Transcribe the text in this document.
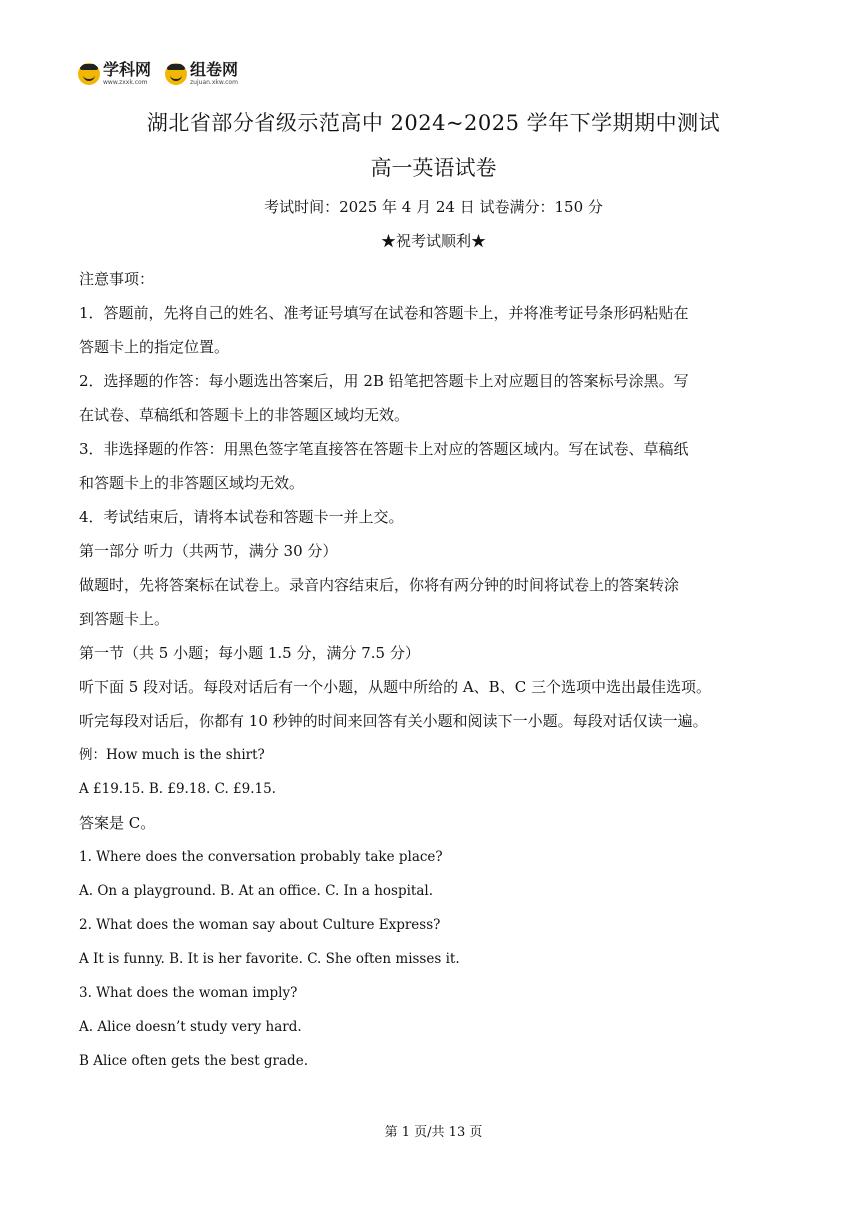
学科网
www.zxxk.com
组卷网
zujuan.xkw.com
湖北省部分省级示范高中 2024~2025 学年下学期期中测试
高一英语试卷
考试时间：2025 年 4 月 24 日 试卷满分：150 分
★祝考试顺利★

注意事项：

1．答题前，先将自己的姓名、准考证号填写在试卷和答题卡上，并将准考证号条形码粘贴在

答题卡上的指定位置。

2．选择题的作答：每小题选出答案后，用 2B 铅笔把答题卡上对应题目的答案标号涂黑。写

在试卷、草稿纸和答题卡上的非答题区域均无效。

3．非选择题的作答：用黑色签字笔直接答在答题卡上对应的答题区域内。写在试卷、草稿纸

和答题卡上的非答题区域均无效。

4．考试结束后，请将本试卷和答题卡一并上交。

第一部分 听力（共两节，满分 30 分）

做题时，先将答案标在试卷上。录音内容结束后，你将有两分钟的时间将试卷上的答案转涂

到答题卡上。

第一节（共 5 小题；每小题 1.5 分，满分 7.5 分）

听下面 5 段对话。每段对话后有一个小题，从题中所给的 A、B、C 三个选项中选出最佳选项。

听完每段对话后，你都有 10 秒钟的时间来回答有关小题和阅读下一小题。每段对话仅读一遍。

例：How much is the shirt?

A £19.15. B. £9.18. C. £9.15.

答案是 C。

1. Where does the conversation probably take place?

A. On a playground. B. At an office. C. In a hospital.

2. What does the woman say about Culture Express?

A It is funny. B. It is her favorite. C. She often misses it.

3. What does the woman imply?

A. Alice doesn’t study very hard.

B Alice often gets the best grade.

第 1 页/共 13 页
